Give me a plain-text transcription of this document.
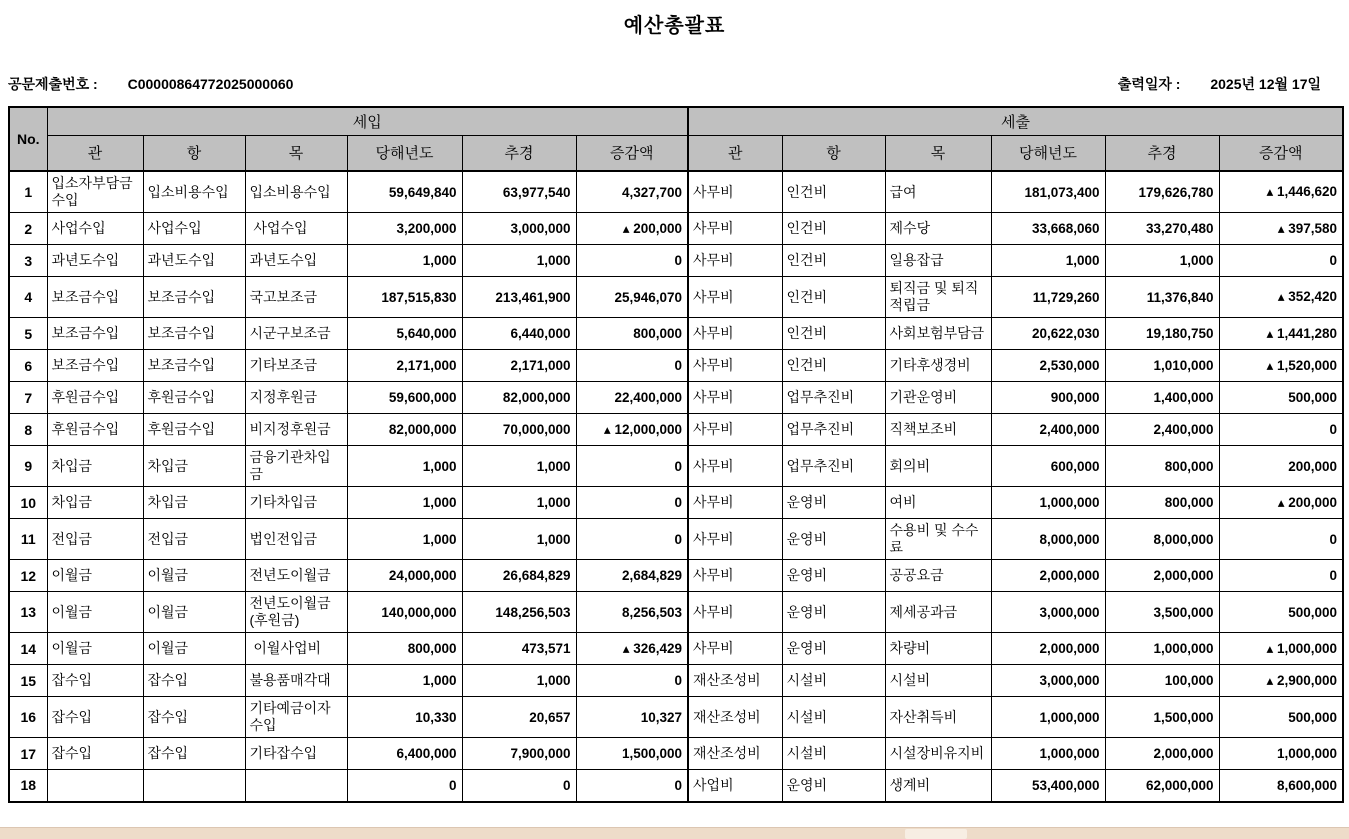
예산총괄표
공문제출번호 : C00000864772025000060	출력일자 : 2025년 12월 17일
No.	세입						세출					
	관	항	목	당해년도	추경	증감액	관	항	목	당해년도	추경	증감액
1	입소자부담금수입	입소비용수입	입소비용수입	59,649,840	63,977,540	4,327,700	사무비	인건비	급여	181,073,400	179,626,780	▴ 1,446,620
2	사업수입	사업수입	사업수입	3,200,000	3,000,000	▴ 200,000	사무비	인건비	제수당	33,668,060	33,270,480	▴ 397,580
3	과년도수입	과년도수입	과년도수입	1,000	1,000	0	사무비	인건비	일용잡급	1,000	1,000	0
4	보조금수입	보조금수입	국고보조금	187,515,830	213,461,900	25,946,070	사무비	인건비	퇴직금 및 퇴직적립금	11,729,260	11,376,840	▴ 352,420
5	보조금수입	보조금수입	시군구보조금	5,640,000	6,440,000	800,000	사무비	인건비	사회보험부담금	20,622,030	19,180,750	▴ 1,441,280
6	보조금수입	보조금수입	기타보조금	2,171,000	2,171,000	0	사무비	인건비	기타후생경비	2,530,000	1,010,000	▴ 1,520,000
7	후원금수입	후원금수입	지정후원금	59,600,000	82,000,000	22,400,000	사무비	업무추진비	기관운영비	900,000	1,400,000	500,000
8	후원금수입	후원금수입	비지정후원금	82,000,000	70,000,000	▴ 12,000,000	사무비	업무추진비	직책보조비	2,400,000	2,400,000	0
9	차입금	차입금	금융기관차입금	1,000	1,000	0	사무비	업무추진비	회의비	600,000	800,000	200,000
10	차입금	차입금	기타차입금	1,000	1,000	0	사무비	운영비	여비	1,000,000	800,000	▴ 200,000
11	전입금	전입금	법인전입금	1,000	1,000	0	사무비	운영비	수용비 및 수수료	8,000,000	8,000,000	0
12	이월금	이월금	전년도이월금	24,000,000	26,684,829	2,684,829	사무비	운영비	공공요금	2,000,000	2,000,000	0
13	이월금	이월금	전년도이월금(후원금)	140,000,000	148,256,503	8,256,503	사무비	운영비	제세공과금	3,000,000	3,500,000	500,000
14	이월금	이월금	이월사업비	800,000	473,571	▴ 326,429	사무비	운영비	차량비	2,000,000	1,000,000	▴ 1,000,000
15	잡수입	잡수입	불용품매각대	1,000	1,000	0	재산조성비	시설비	시설비	3,000,000	100,000	▴ 2,900,000
16	잡수입	잡수입	기타예금이자수입	10,330	20,657	10,327	재산조성비	시설비	자산취득비	1,000,000	1,500,000	500,000
17	잡수입	잡수입	기타잡수입	6,400,000	7,900,000	1,500,000	재산조성비	시설비	시설장비유지비	1,000,000	2,000,000	1,000,000
18				0	0	0	사업비	운영비	생계비	53,400,000	62,000,000	8,600,000
